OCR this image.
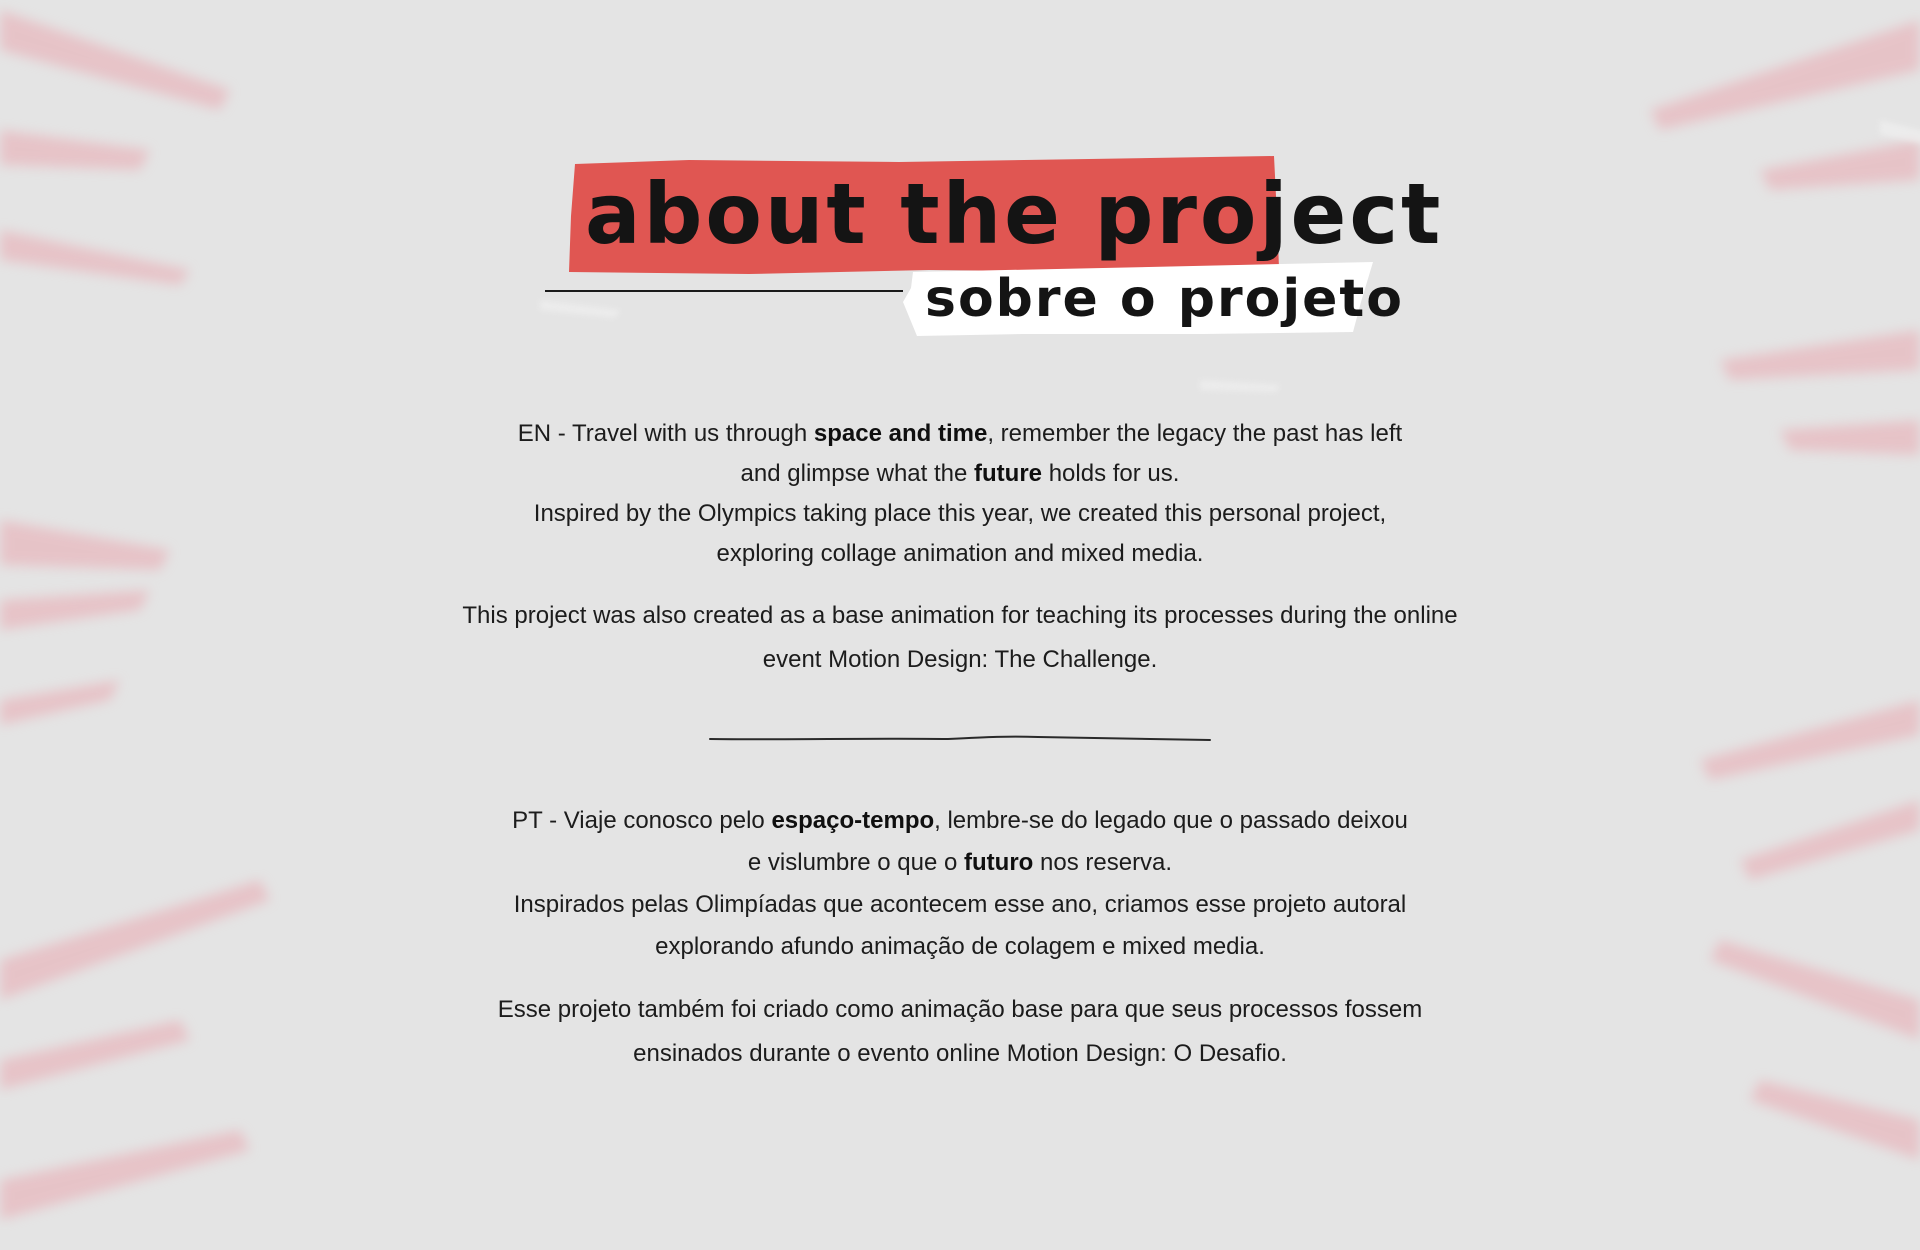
about the project
sobre o projeto
EN - Travel with us through space and time, remember the legacy the past has left
and glimpse what the future holds for us.
Inspired by the Olympics taking place this year, we created this personal project,
exploring collage animation and mixed media.
This project was also created as a base animation for teaching its processes during the online
event Motion Design: The Challenge.
PT - Viaje conosco pelo espaço-tempo, lembre-se do legado que o passado deixou
e vislumbre o que o futuro nos reserva.
Inspirados pelas Olimpíadas que acontecem esse ano, criamos esse projeto autoral
explorando afundo animação de colagem e mixed media.
Esse projeto também foi criado como animação base para que seus processos fossem
ensinados durante o evento online Motion Design: O Desafio.
